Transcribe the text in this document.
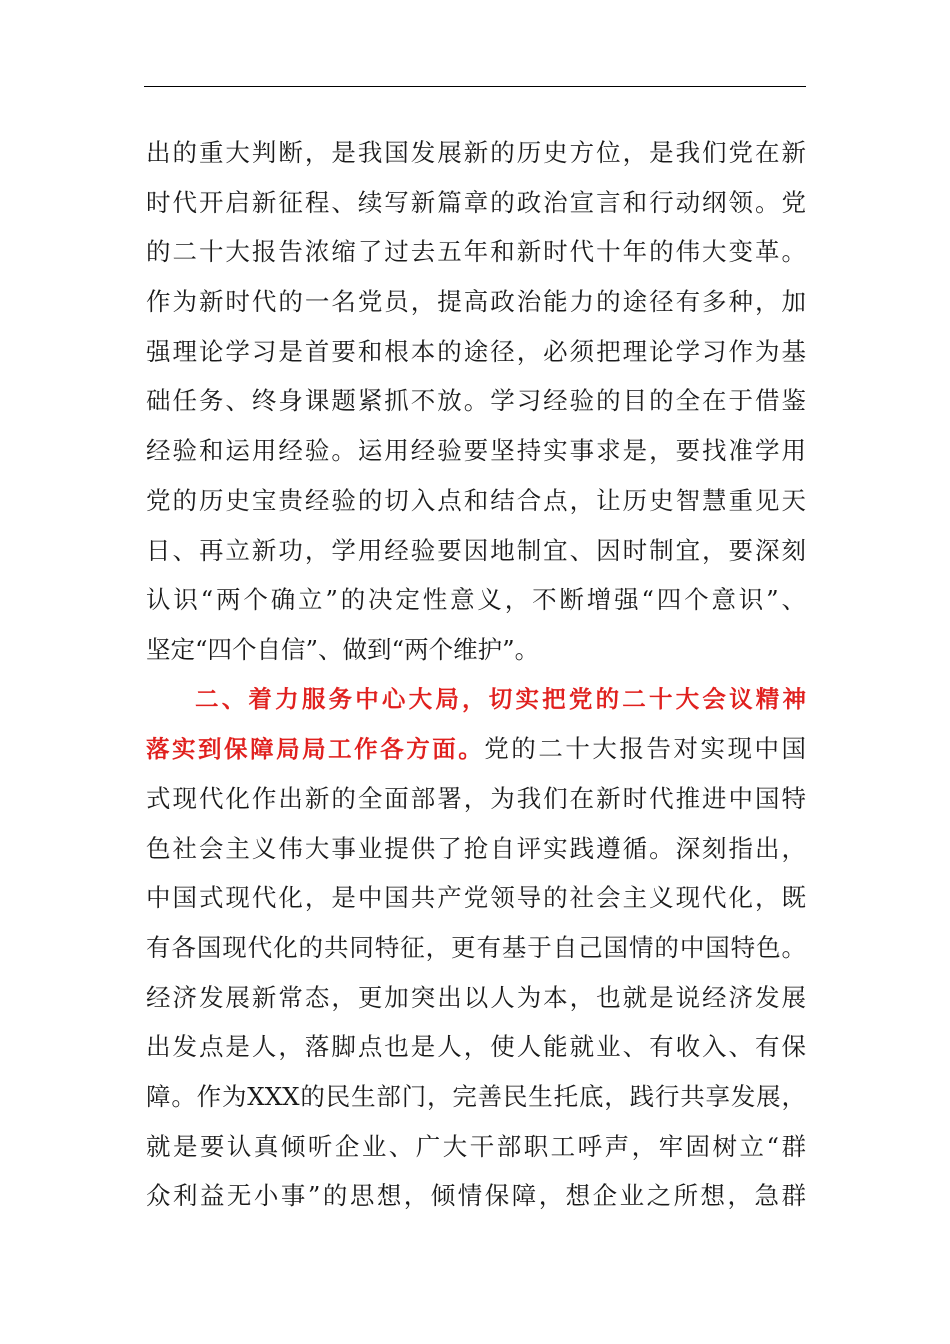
出的重大判断，是我国发展新的历史方位，是我们党在新
时代开启新征程、续写新篇章的政治宣言和行动纲领。党
的二十大报告浓缩了过去五年和新时代十年的伟大变革。
作为新时代的一名党员，提高政治能力的途径有多种，加
强理论学习是首要和根本的途径，必须把理论学习作为基
础任务、终身课题紧抓不放。学习经验的目的全在于借鉴
经验和运用经验。运用经验要坚持实事求是，要找准学用
党的历史宝贵经验的切入点和结合点，让历史智慧重见天
日、再立新功，学用经验要因地制宜、因时制宜，要深刻
认识“两个确立”的决定性意义，不断增强“四个意识”、
坚定“四个自信”、做到“两个维护”。
二、着力服务中心大局，切实把党的二十大会议精神
落实到保障局局工作各方面。党的二十大报告对实现中国
式现代化作出新的全面部署，为我们在新时代推进中国特
色社会主义伟大事业提供了抢自评实践遵循。深刻指出，
中国式现代化，是中国共产党领导的社会主义现代化，既
有各国现代化的共同特征，更有基于自己国情的中国特色。
经济发展新常态，更加突出以人为本，也就是说经济发展
出发点是人，落脚点也是人，使人能就业、有收入、有保
障。作为XXX的民生部门，完善民生托底，践行共享发展，
就是要认真倾听企业、广大干部职工呼声，牢固树立“群
众利益无小事”的思想，倾情保障，想企业之所想，急群
